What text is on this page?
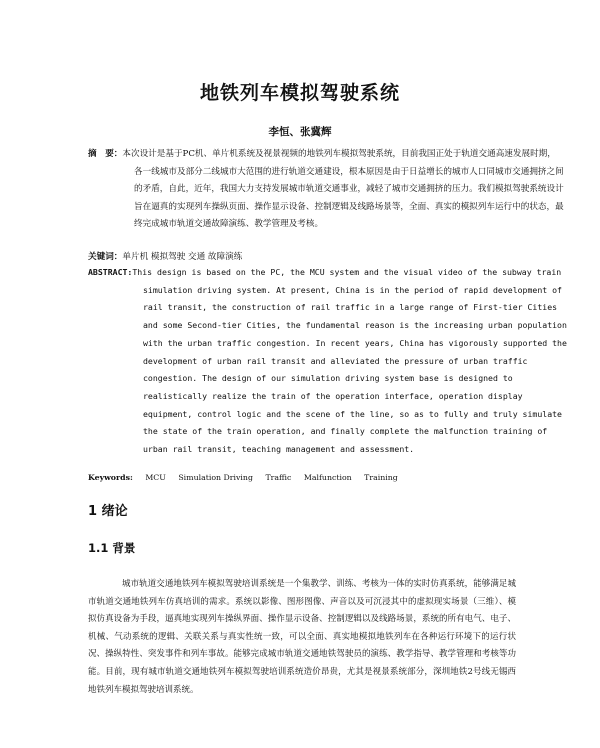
地铁列车模拟驾驶系统
李恒、张冀辉
摘　要：本次设计是基于PC机、单片机系统及视景视频的地铁列车模拟驾驶系统，目前我国正处于轨道交通高速发展时期，各一线城市及部分二线城市大范围的进行轨道交通建设，根本原因是由于日益增长的城市人口同城市交通拥挤之间的矛盾，自此，近年，我国大力支持发展城市轨道交通事业，减轻了城市交通拥挤的压力。我们模拟驾驶系统设计旨在逼真的实现列车操纵页面、操作显示设备、控制逻辑及线路场景等，全面、真实的模拟列车运行中的状态，最终完成城市轨道交通故障演练、教学管理及考核。
关键词：单片机 模拟驾驶 交通 故障演练
ABSTRACT:This design is based on the PC, the MCU system and the visual video of the subway train simulation driving system. At present, China is in the period of rapid development of rail transit, the construction of rail traffic in a large range of First-tier Cities and some Second-tier Cities, the fundamental reason is the increasing urban population with the urban traffic congestion. In recent years, China has vigorously supported the development of urban rail transit and alleviated the pressure of urban traffic congestion. The design of our simulation driving system base is designed to realistically realize the train of the operation interface, operation display equipment, control logic and the scene of the line, so as to fully and truly simulate the state of the train operation, and finally complete the malfunction training of urban rail transit, teaching management and assessment.
Keywords: MCU Simulation Driving Traffic Malfunction Training
1 绪论
1.1 背景
城市轨道交通地铁列车模拟驾驶培训系统是一个集教学、训练、考核为一体的实时仿真系统，能够满足城市轨道交通地铁列车仿真培训的需求。系统以影像、图形图像、声音以及可沉浸其中的虚拟现实场景（三维）、模拟仿真设备为手段，逼真地实现列车操纵界面、操作显示设备、控制逻辑以及线路场景，系统的所有电气、电子、机械、气动系统的逻辑、关联关系与真实性统一致，可以全面、真实地模拟地铁列车在各种运行环境下的运行状况、操纵特性、突发事件和列车事故。能够完成城市轨道交通地铁驾驶员的演练、教学指导、教学管理和考核等功能。目前，现有城市轨道交通地铁列车模拟驾驶培训系统造价昂贵，尤其是视景系统部分，深圳地铁2号线无锡西地铁列车模拟驾驶培训系统。
